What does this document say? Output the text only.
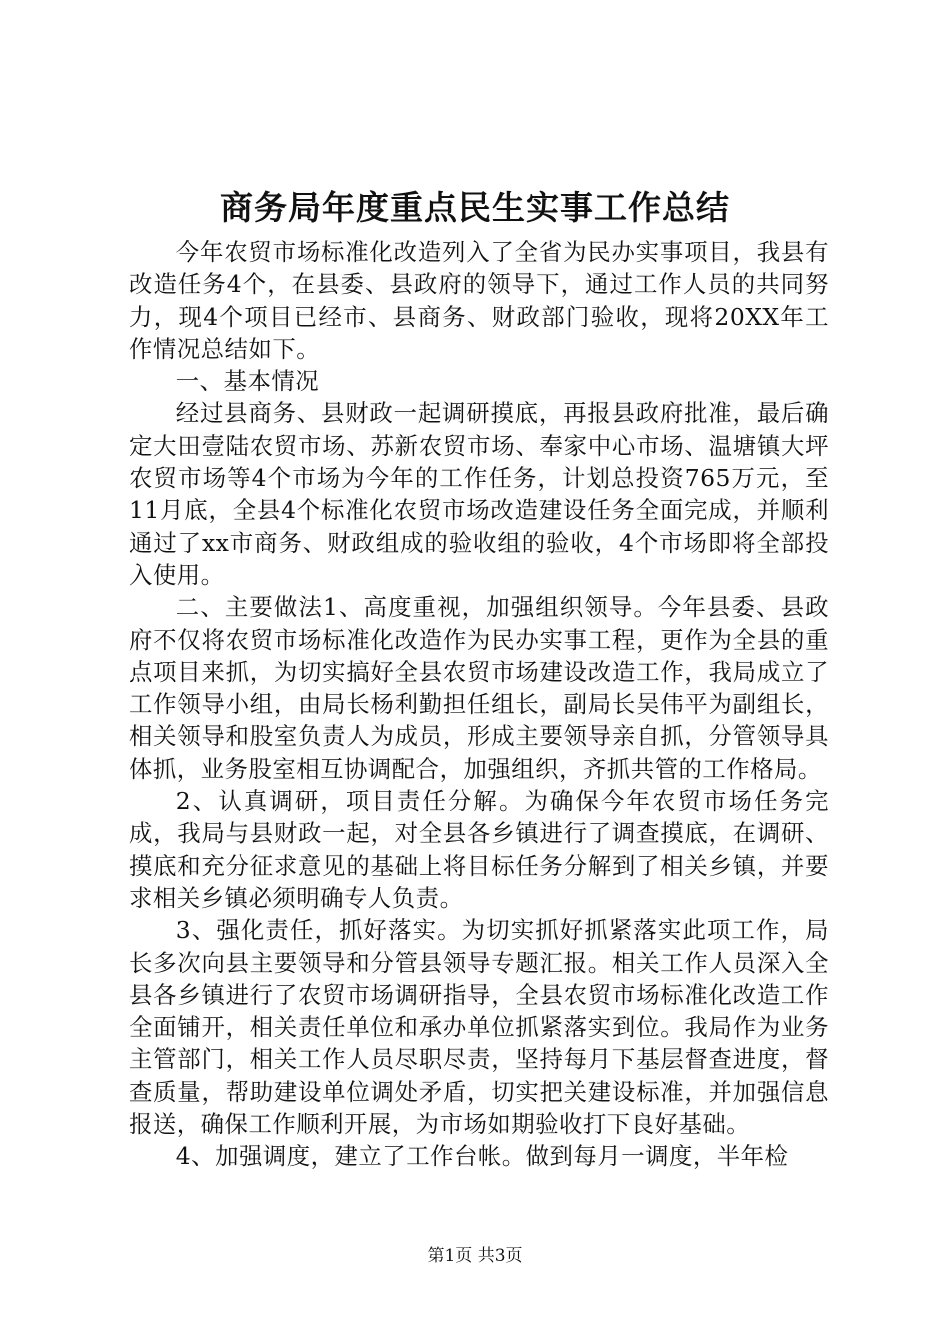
商务局年度重点民生实事工作总结

今年农贸市场标准化改造列入了全省为民办实事项目，我县有改造任务4个，在县委、县政府的领导下，通过工作人员的共同努力，现4个项目已经市、县商务、财政部门验收，现将20XX年工作情况总结如下。

一、基本情况

经过县商务、县财政一起调研摸底，再报县政府批准，最后确定大田壹陆农贸市场、苏新农贸市场、奉家中心市场、温塘镇大坪农贸市场等4个市场为今年的工作任务，计划总投资765万元，至11月底，全县4个标准化农贸市场改造建设任务全面完成，并顺利通过了xx市商务、财政组成的验收组的验收，4个市场即将全部投入使用。

二、主要做法1、高度重视，加强组织领导。今年县委、县政府不仅将农贸市场标准化改造作为民办实事工程，更作为全县的重点项目来抓，为切实搞好全县农贸市场建设改造工作，我局成立了工作领导小组，由局长杨利勤担任组长，副局长吴伟平为副组长，相关领导和股室负责人为成员，形成主要领导亲自抓，分管领导具体抓，业务股室相互协调配合，加强组织，齐抓共管的工作格局。

2、认真调研，项目责任分解。为确保今年农贸市场任务完成，我局与县财政一起，对全县各乡镇进行了调查摸底，在调研、摸底和充分征求意见的基础上将目标任务分解到了相关乡镇，并要求相关乡镇必须明确专人负责。

3、强化责任，抓好落实。为切实抓好抓紧落实此项工作，局长多次向县主要领导和分管县领导专题汇报。相关工作人员深入全县各乡镇进行了农贸市场调研指导，全县农贸市场标准化改造工作全面铺开，相关责任单位和承办单位抓紧落实到位。我局作为业务主管部门，相关工作人员尽职尽责，坚持每月下基层督查进度，督查质量，帮助建设单位调处矛盾，切实把关建设标准，并加强信息报送，确保工作顺利开展，为市场如期验收打下良好基础。

4、加强调度，建立了工作台帐。做到每月一调度，半年检

第1页 共3页
